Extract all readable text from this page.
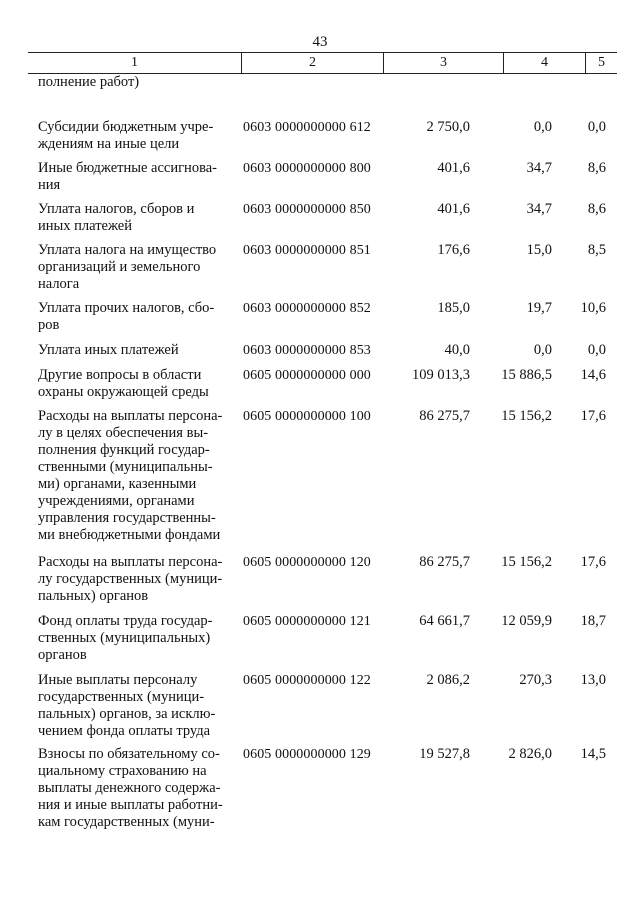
43
1	2	3	4	5
полнение работ)
Субсидии бюджетным учре-
ждениям на иные цели
0603 0000000000 612	2 750,0	0,0	0,0
Иные бюджетные ассигнова-
ния
0603 0000000000 800	401,6	34,7	8,6
Уплата налогов, сборов и
иных платежей
0603 0000000000 850	401,6	34,7	8,6
Уплата налога на имущество
организаций и земельного
налога
0603 0000000000 851	176,6	15,0	8,5
Уплата прочих налогов, сбо-
ров
0603 0000000000 852	185,0	19,7	10,6
Уплата иных платежей	0603 0000000000 853	40,0	0,0	0,0
Другие вопросы в области
охраны окружающей среды
0605 0000000000 000	109 013,3	15 886,5	14,6
Расходы на выплаты персона-
лу в целях обеспечения вы-
полнения функций государ-
ственными (муниципальны-
ми) органами, казенными
учреждениями, органами
управления государственны-
ми внебюджетными фондами
0605 0000000000 100	86 275,7	15 156,2	17,6
Расходы на выплаты персона-
лу государственных (муници-
пальных) органов
0605 0000000000 120	86 275,7	15 156,2	17,6
Фонд оплаты труда государ-
ственных (муниципальных)
органов
0605 0000000000 121	64 661,7	12 059,9	18,7
Иные выплаты персоналу
государственных (муници-
пальных) органов, за исклю-
чением фонда оплаты труда
0605 0000000000 122	2 086,2	270,3	13,0
Взносы по обязательному со-
циальному страхованию на
выплаты денежного содержа-
ния и иные выплаты работни-
кам государственных (муни-
0605 0000000000 129	19 527,8	2 826,0	14,5
